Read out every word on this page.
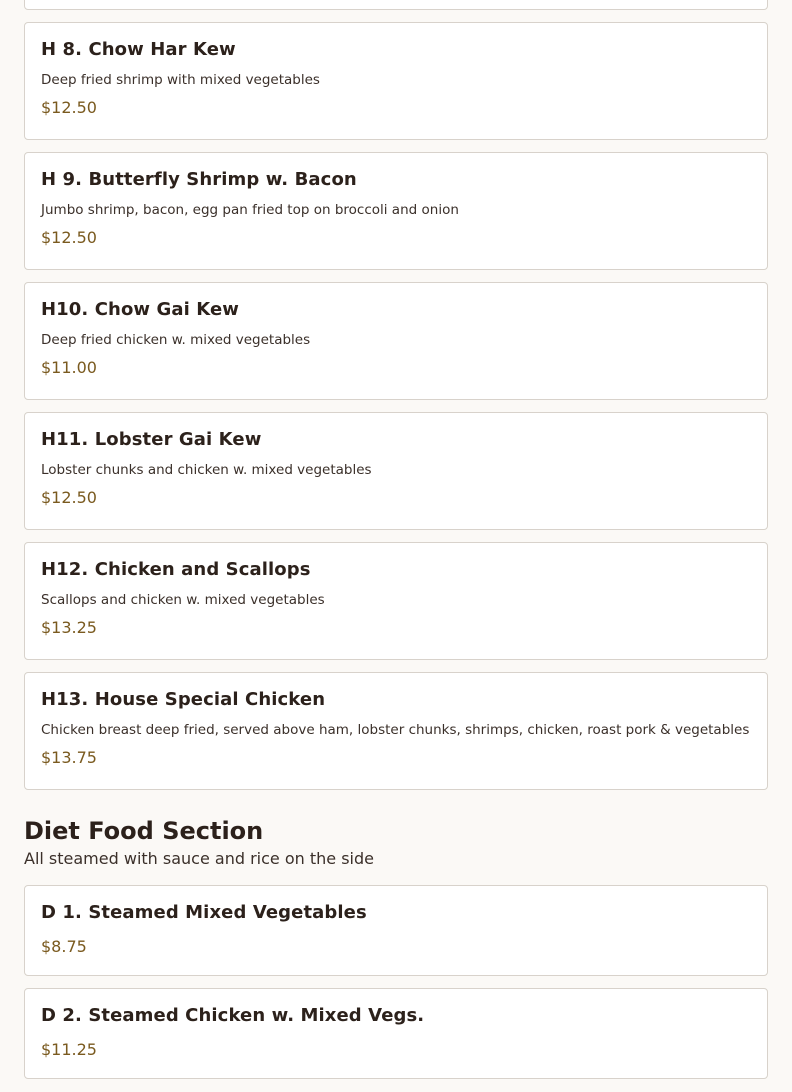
H 8. Chow Har Kew
Deep fried shrimp with mixed vegetables
$12.50
H 9. Butterfly Shrimp w. Bacon
Jumbo shrimp, bacon, egg pan fried top on broccoli and onion
$12.50
H10. Chow Gai Kew
Deep fried chicken w. mixed vegetables
$11.00
H11. Lobster Gai Kew
Lobster chunks and chicken w. mixed vegetables
$12.50
H12. Chicken and Scallops
Scallops and chicken w. mixed vegetables
$13.25
H13. House Special Chicken
Chicken breast deep fried, served above ham, lobster chunks, shrimps, chicken, roast pork & vegetables
$13.75
Diet Food Section
All steamed with sauce and rice on the side
D 1. Steamed Mixed Vegetables
$8.75
D 2. Steamed Chicken w. Mixed Vegs.
$11.25
